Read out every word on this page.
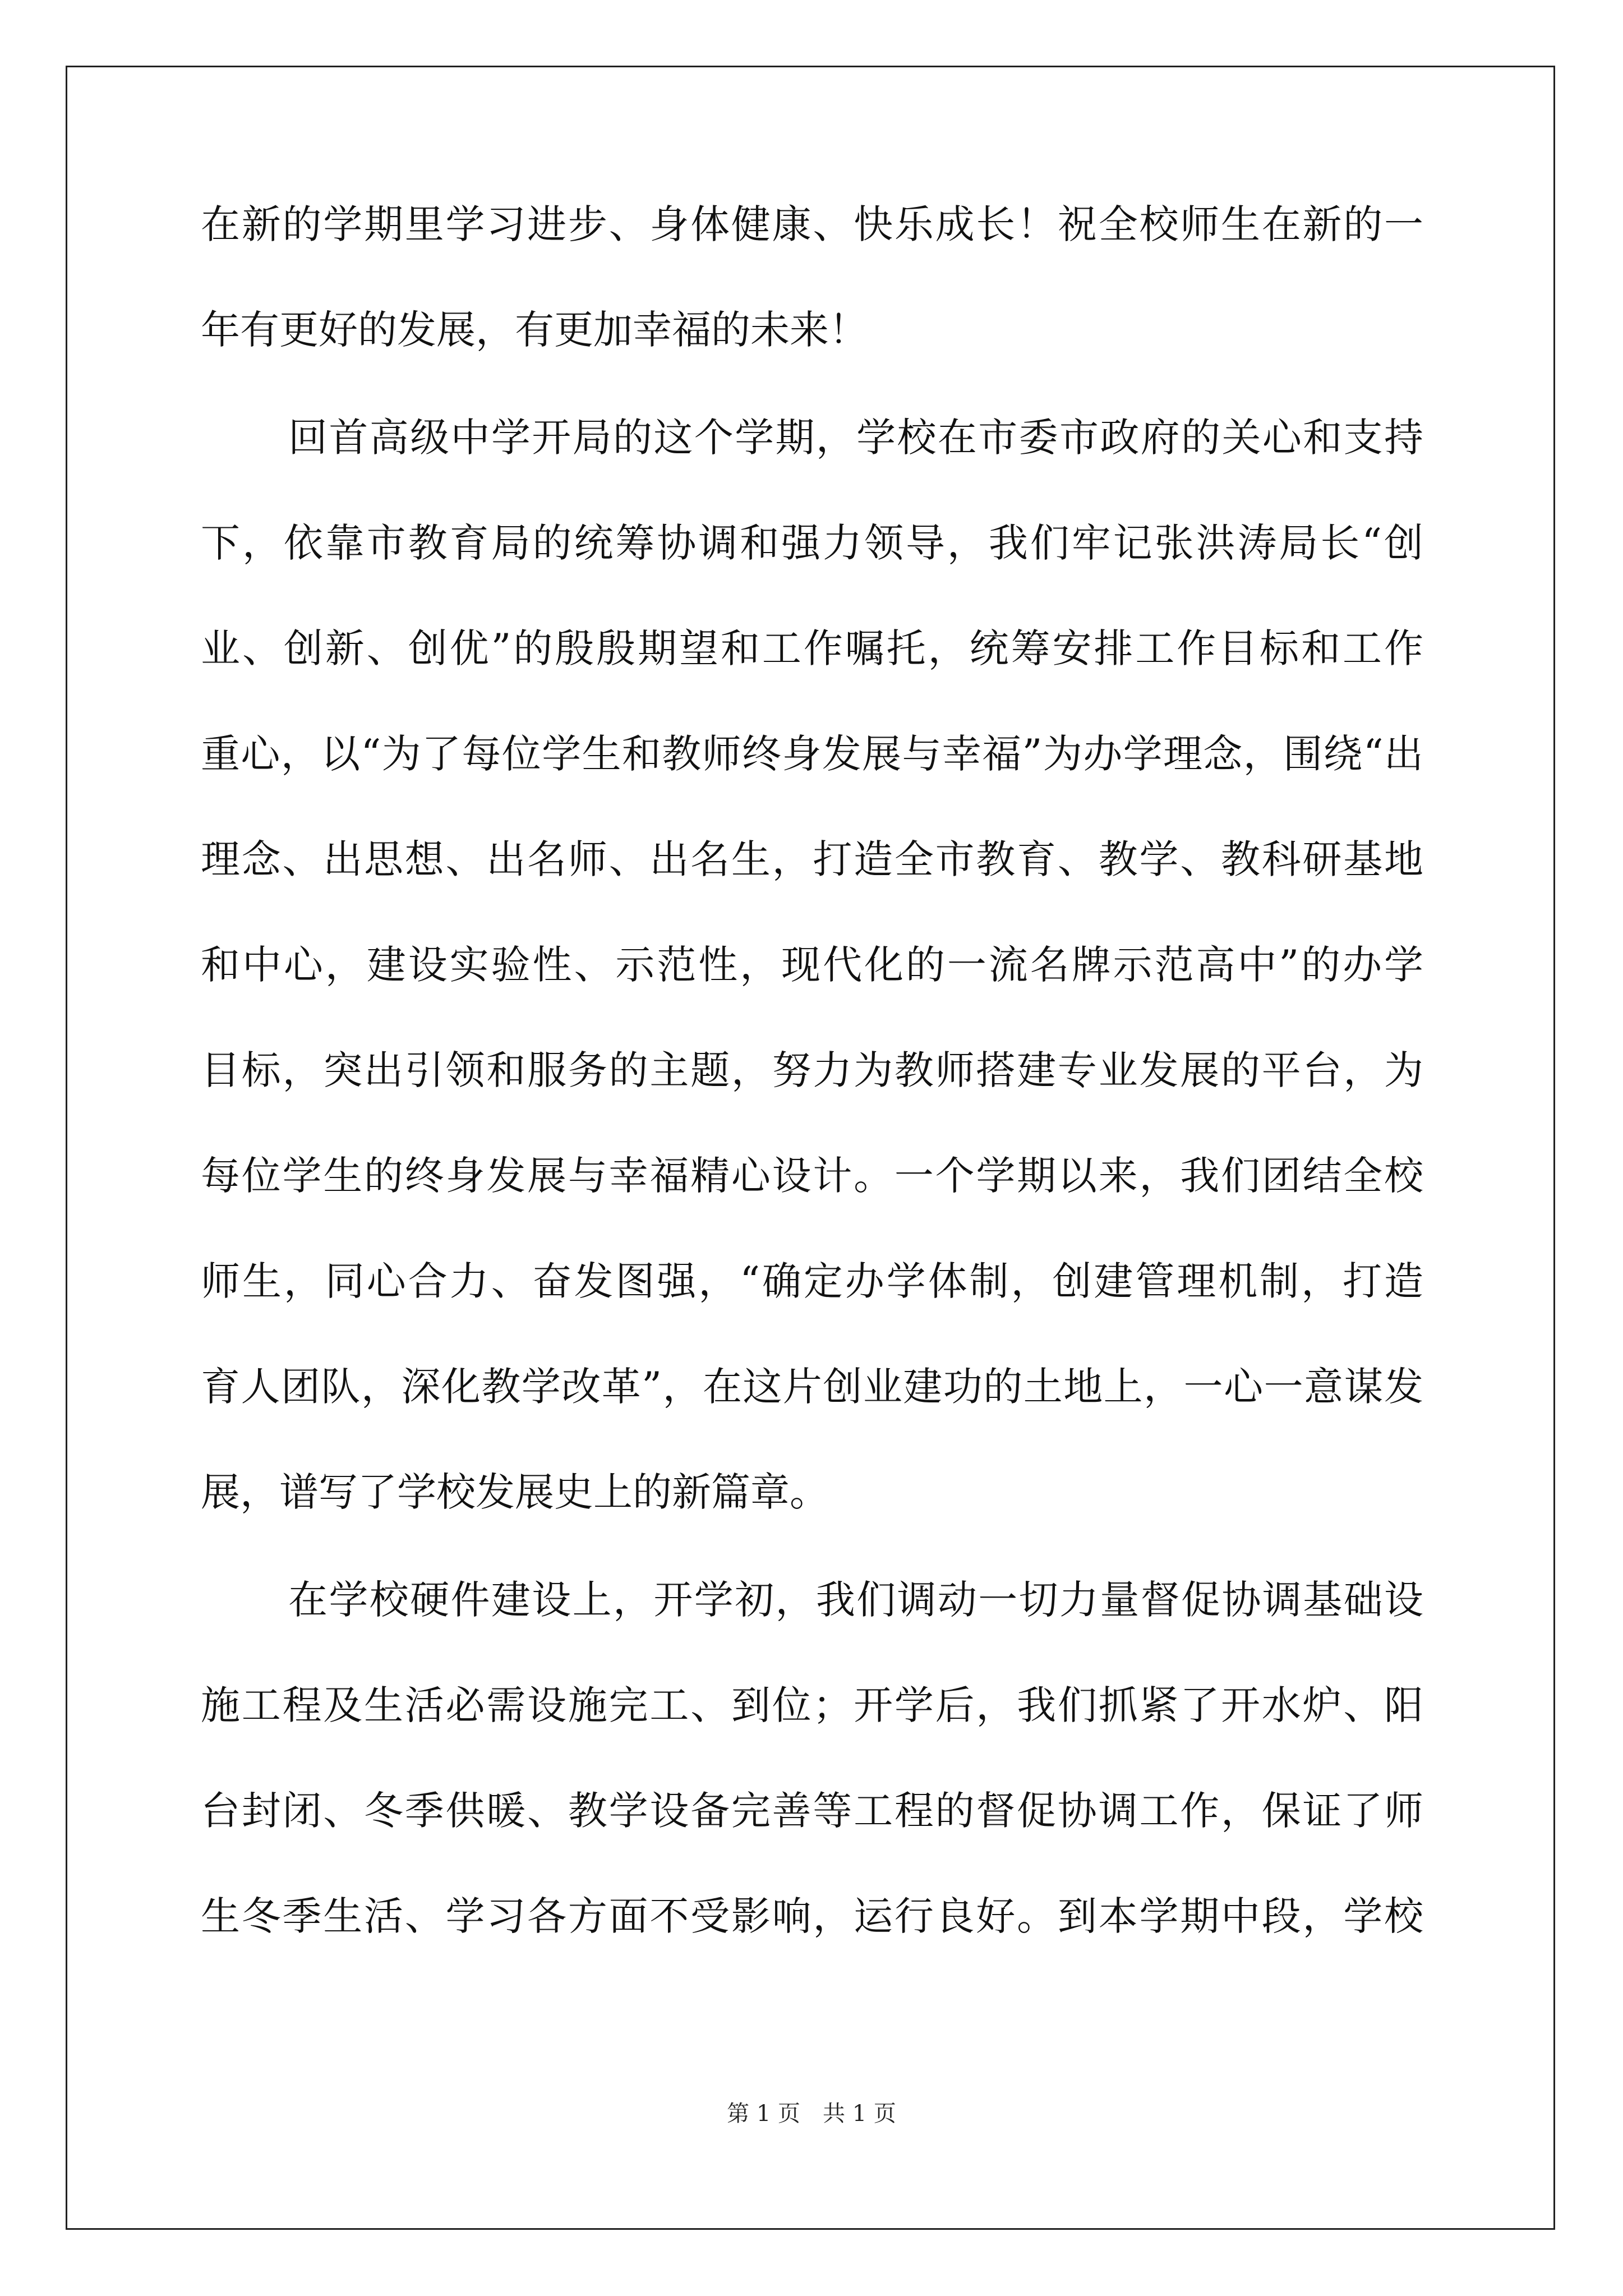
在新的学期里学习进步、身体健康、快乐成长！祝全校师生在新的一
年有更好的发展，有更加幸福的未来！
回首高级中学开局的这个学期，学校在市委市政府的关心和支持
下，依靠市教育局的统筹协调和强力领导，我们牢记张洪涛局长“创
业、创新、创优”的殷殷期望和工作嘱托，统筹安排工作目标和工作
重心，以“为了每位学生和教师终身发展与幸福”为办学理念，围绕“出
理念、出思想、出名师、出名生，打造全市教育、教学、教科研基地
和中心，建设实验性、示范性，现代化的一流名牌示范高中”的办学
目标，突出引领和服务的主题，努力为教师搭建专业发展的平台，为
每位学生的终身发展与幸福精心设计。一个学期以来，我们团结全校
师生，同心合力、奋发图强，“确定办学体制，创建管理机制，打造
育人团队，深化教学改革”，在这片创业建功的土地上，一心一意谋发
展，谱写了学校发展史上的新篇章。
在学校硬件建设上，开学初，我们调动一切力量督促协调基础设
施工程及生活必需设施完工、到位；开学后，我们抓紧了开水炉、阳
台封闭、冬季供暖、教学设备完善等工程的督促协调工作，保证了师
生冬季生活、学习各方面不受影响，运行良好。到本学期中段，学校
第 1 页　共 1 页
